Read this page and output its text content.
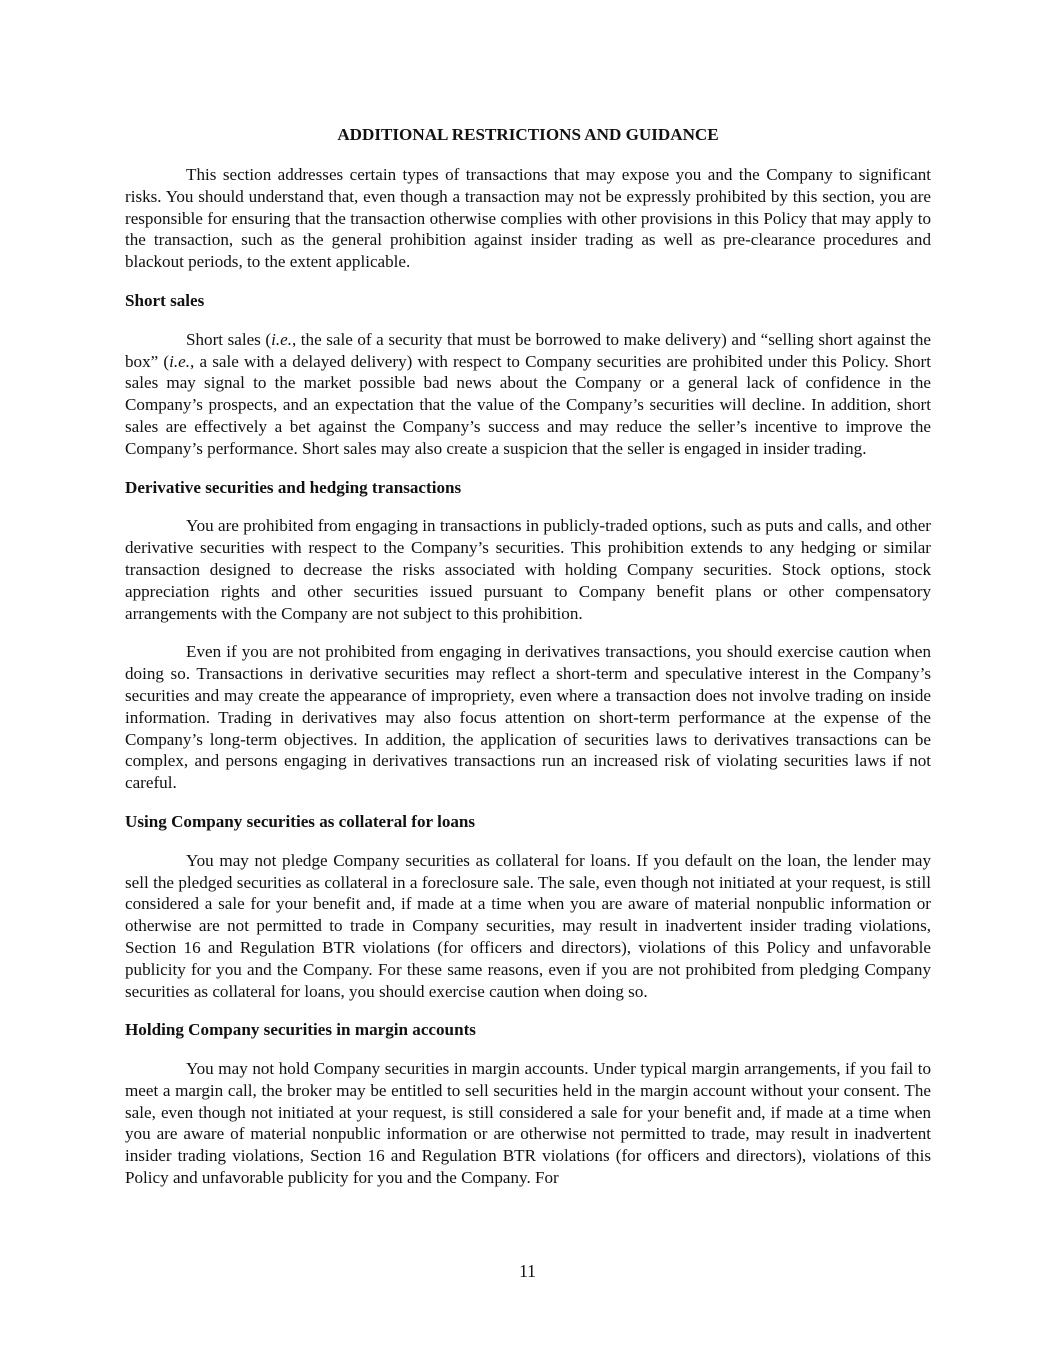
ADDITIONAL RESTRICTIONS AND GUIDANCE

This section addresses certain types of transactions that may expose you and the Company to significant risks. You should understand that, even though a transaction may not be expressly prohibited by this section, you are responsible for ensuring that the transaction otherwise complies with other provisions in this Policy that may apply to the transaction, such as the general prohibition against insider trading as well as pre-clearance procedures and blackout periods, to the extent applicable.

Short sales

Short sales (i.e., the sale of a security that must be borrowed to make delivery) and “selling short against the box” (i.e., a sale with a delayed delivery) with respect to Company securities are prohibited under this Policy. Short sales may signal to the market possible bad news about the Company or a general lack of confidence in the Company’s prospects, and an expectation that the value of the Company’s securities will decline. In addition, short sales are effectively a bet against the Company’s success and may reduce the seller’s incentive to improve the Company’s performance. Short sales may also create a suspicion that the seller is engaged in insider trading.

Derivative securities and hedging transactions

You are prohibited from engaging in transactions in publicly-traded options, such as puts and calls, and other derivative securities with respect to the Company’s securities. This prohibition extends to any hedging or similar transaction designed to decrease the risks associated with holding Company securities. Stock options, stock appreciation rights and other securities issued pursuant to Company benefit plans or other compensatory arrangements with the Company are not subject to this prohibition.

Even if you are not prohibited from engaging in derivatives transactions, you should exercise caution when doing so. Transactions in derivative securities may reflect a short-term and speculative interest in the Company’s securities and may create the appearance of impropriety, even where a transaction does not involve trading on inside information. Trading in derivatives may also focus attention on short-term performance at the expense of the Company’s long-term objectives. In addition, the application of securities laws to derivatives transactions can be complex, and persons engaging in derivatives transactions run an increased risk of violating securities laws if not careful.

Using Company securities as collateral for loans

You may not pledge Company securities as collateral for loans. If you default on the loan, the lender may sell the pledged securities as collateral in a foreclosure sale. The sale, even though not initiated at your request, is still considered a sale for your benefit and, if made at a time when you are aware of material nonpublic information or otherwise are not permitted to trade in Company securities, may result in inadvertent insider trading violations, Section 16 and Regulation BTR violations (for officers and directors), violations of this Policy and unfavorable publicity for you and the Company. For these same reasons, even if you are not prohibited from pledging Company securities as collateral for loans, you should exercise caution when doing so.

Holding Company securities in margin accounts

You may not hold Company securities in margin accounts. Under typical margin arrangements, if you fail to meet a margin call, the broker may be entitled to sell securities held in the margin account without your consent. The sale, even though not initiated at your request, is still considered a sale for your benefit and, if made at a time when you are aware of material nonpublic information or are otherwise not permitted to trade, may result in inadvertent insider trading violations, Section 16 and Regulation BTR violations (for officers and directors), violations of this Policy and unfavorable publicity for you and the Company. For

11
